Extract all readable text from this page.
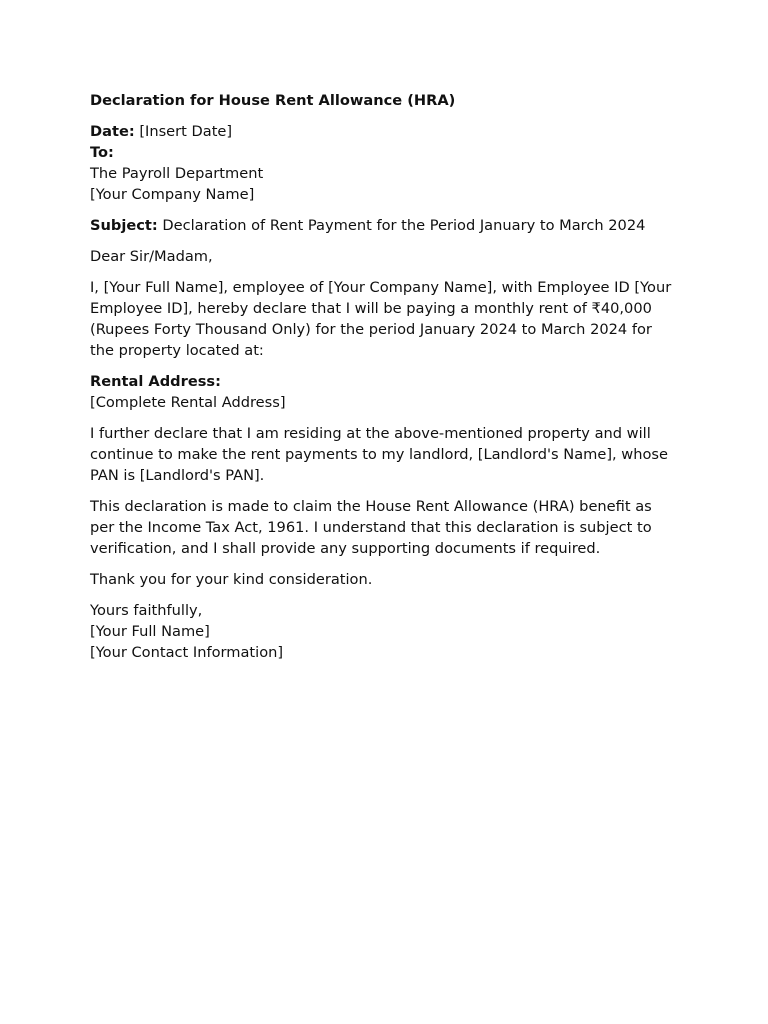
Declaration for House Rent Allowance (HRA)
Date: [Insert Date]
To:
The Payroll Department
[Your Company Name]
Subject: Declaration of Rent Payment for the Period January to March 2024
Dear Sir/Madam,
I, [Your Full Name], employee of [Your Company Name], with Employee ID [Your Employee ID], hereby declare that I will be paying a monthly rent of ₹40,000 (Rupees Forty Thousand Only) for the period January 2024 to March 2024 for the property located at:
Rental Address:
[Complete Rental Address]
I further declare that I am residing at the above-mentioned property and will continue to make the rent payments to my landlord, [Landlord's Name], whose PAN is [Landlord's PAN].
This declaration is made to claim the House Rent Allowance (HRA) benefit as per the Income Tax Act, 1961. I understand that this declaration is subject to verification, and I shall provide any supporting documents if required.
Thank you for your kind consideration.
Yours faithfully,
[Your Full Name]
[Your Contact Information]
